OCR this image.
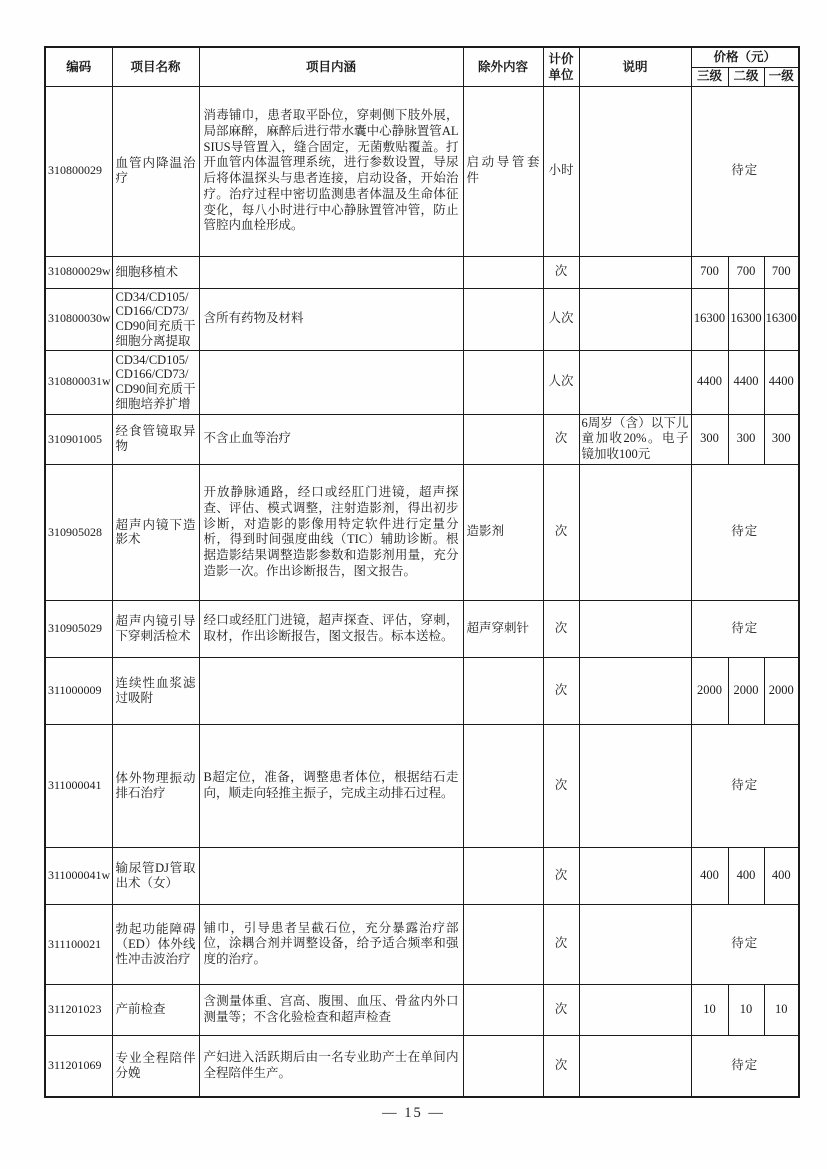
编码	项目名称	项目内涵	除外内容	计价单位	说明	价格（元）		
						三级	二级	一级
310800029	血管内降温治疗	消毒铺巾，患者取平卧位，穿刺侧下肢外展，局部麻醉，麻醉后进行带水囊中心静脉置管ALSIUS导管置入，缝合固定，无菌敷贴覆盖。打开血管内体温管理系统，进行参数设置，导尿后将体温探头与患者连接，启动设备，开始治疗。治疗过程中密切监测患者体温及生命体征变化，每八小时进行中心静脉置管冲管，防止管腔内血栓形成。	启动导管套件	小时		待定		
310800029w	细胞移植术			次		700	700	700
310800030w	CD34/CD105/CD166/CD73/CD90间充质干细胞分离提取	含所有药物及材料		人次		16300	16300	16300
310800031w	CD34/CD105/CD166/CD73/CD90间充质干细胞培养扩增			人次		4400	4400	4400
310901005	经食管镜取异物	不含止血等治疗		次	6周岁（含）以下儿童加收20%。电子镜加收100元	300	300	300
310905028	超声内镜下造影术	开放静脉通路，经口或经肛门进镜，超声探查、评估、模式调整，注射造影剂，得出初步诊断，对造影的影像用特定软件进行定量分析，得到时间强度曲线（TIC）辅助诊断。根据造影结果调整造影参数和造影剂用量，充分造影一次。作出诊断报告，图文报告。	造影剂	次		待定		
310905029	超声内镜引导下穿刺活检术	经口或经肛门进镜，超声探查、评估，穿刺，取材，作出诊断报告，图文报告。标本送检。	超声穿刺针	次		待定		
311000009	连续性血浆滤过吸附			次		2000	2000	2000
311000041	体外物理振动排石治疗	B超定位，准备，调整患者体位，根据结石走向，顺走向轻推主振子，完成主动排石过程。		次		待定		
311000041w	输尿管DJ管取出术（女）			次		400	400	400
311100021	勃起功能障碍（ED）体外线性冲击波治疗	铺巾，引导患者呈截石位，充分暴露治疗部位，涂耦合剂并调整设备，给予适合频率和强度的治疗。		次		待定		
311201023	产前检查	含测量体重、宫高、腹围、血压、骨盆内外口测量等；不含化验检查和超声检查		次		10	10	10
311201069	专业全程陪伴分娩	产妇进入活跃期后由一名专业助产士在单间内全程陪伴生产。		次		待定		
— 15 —
